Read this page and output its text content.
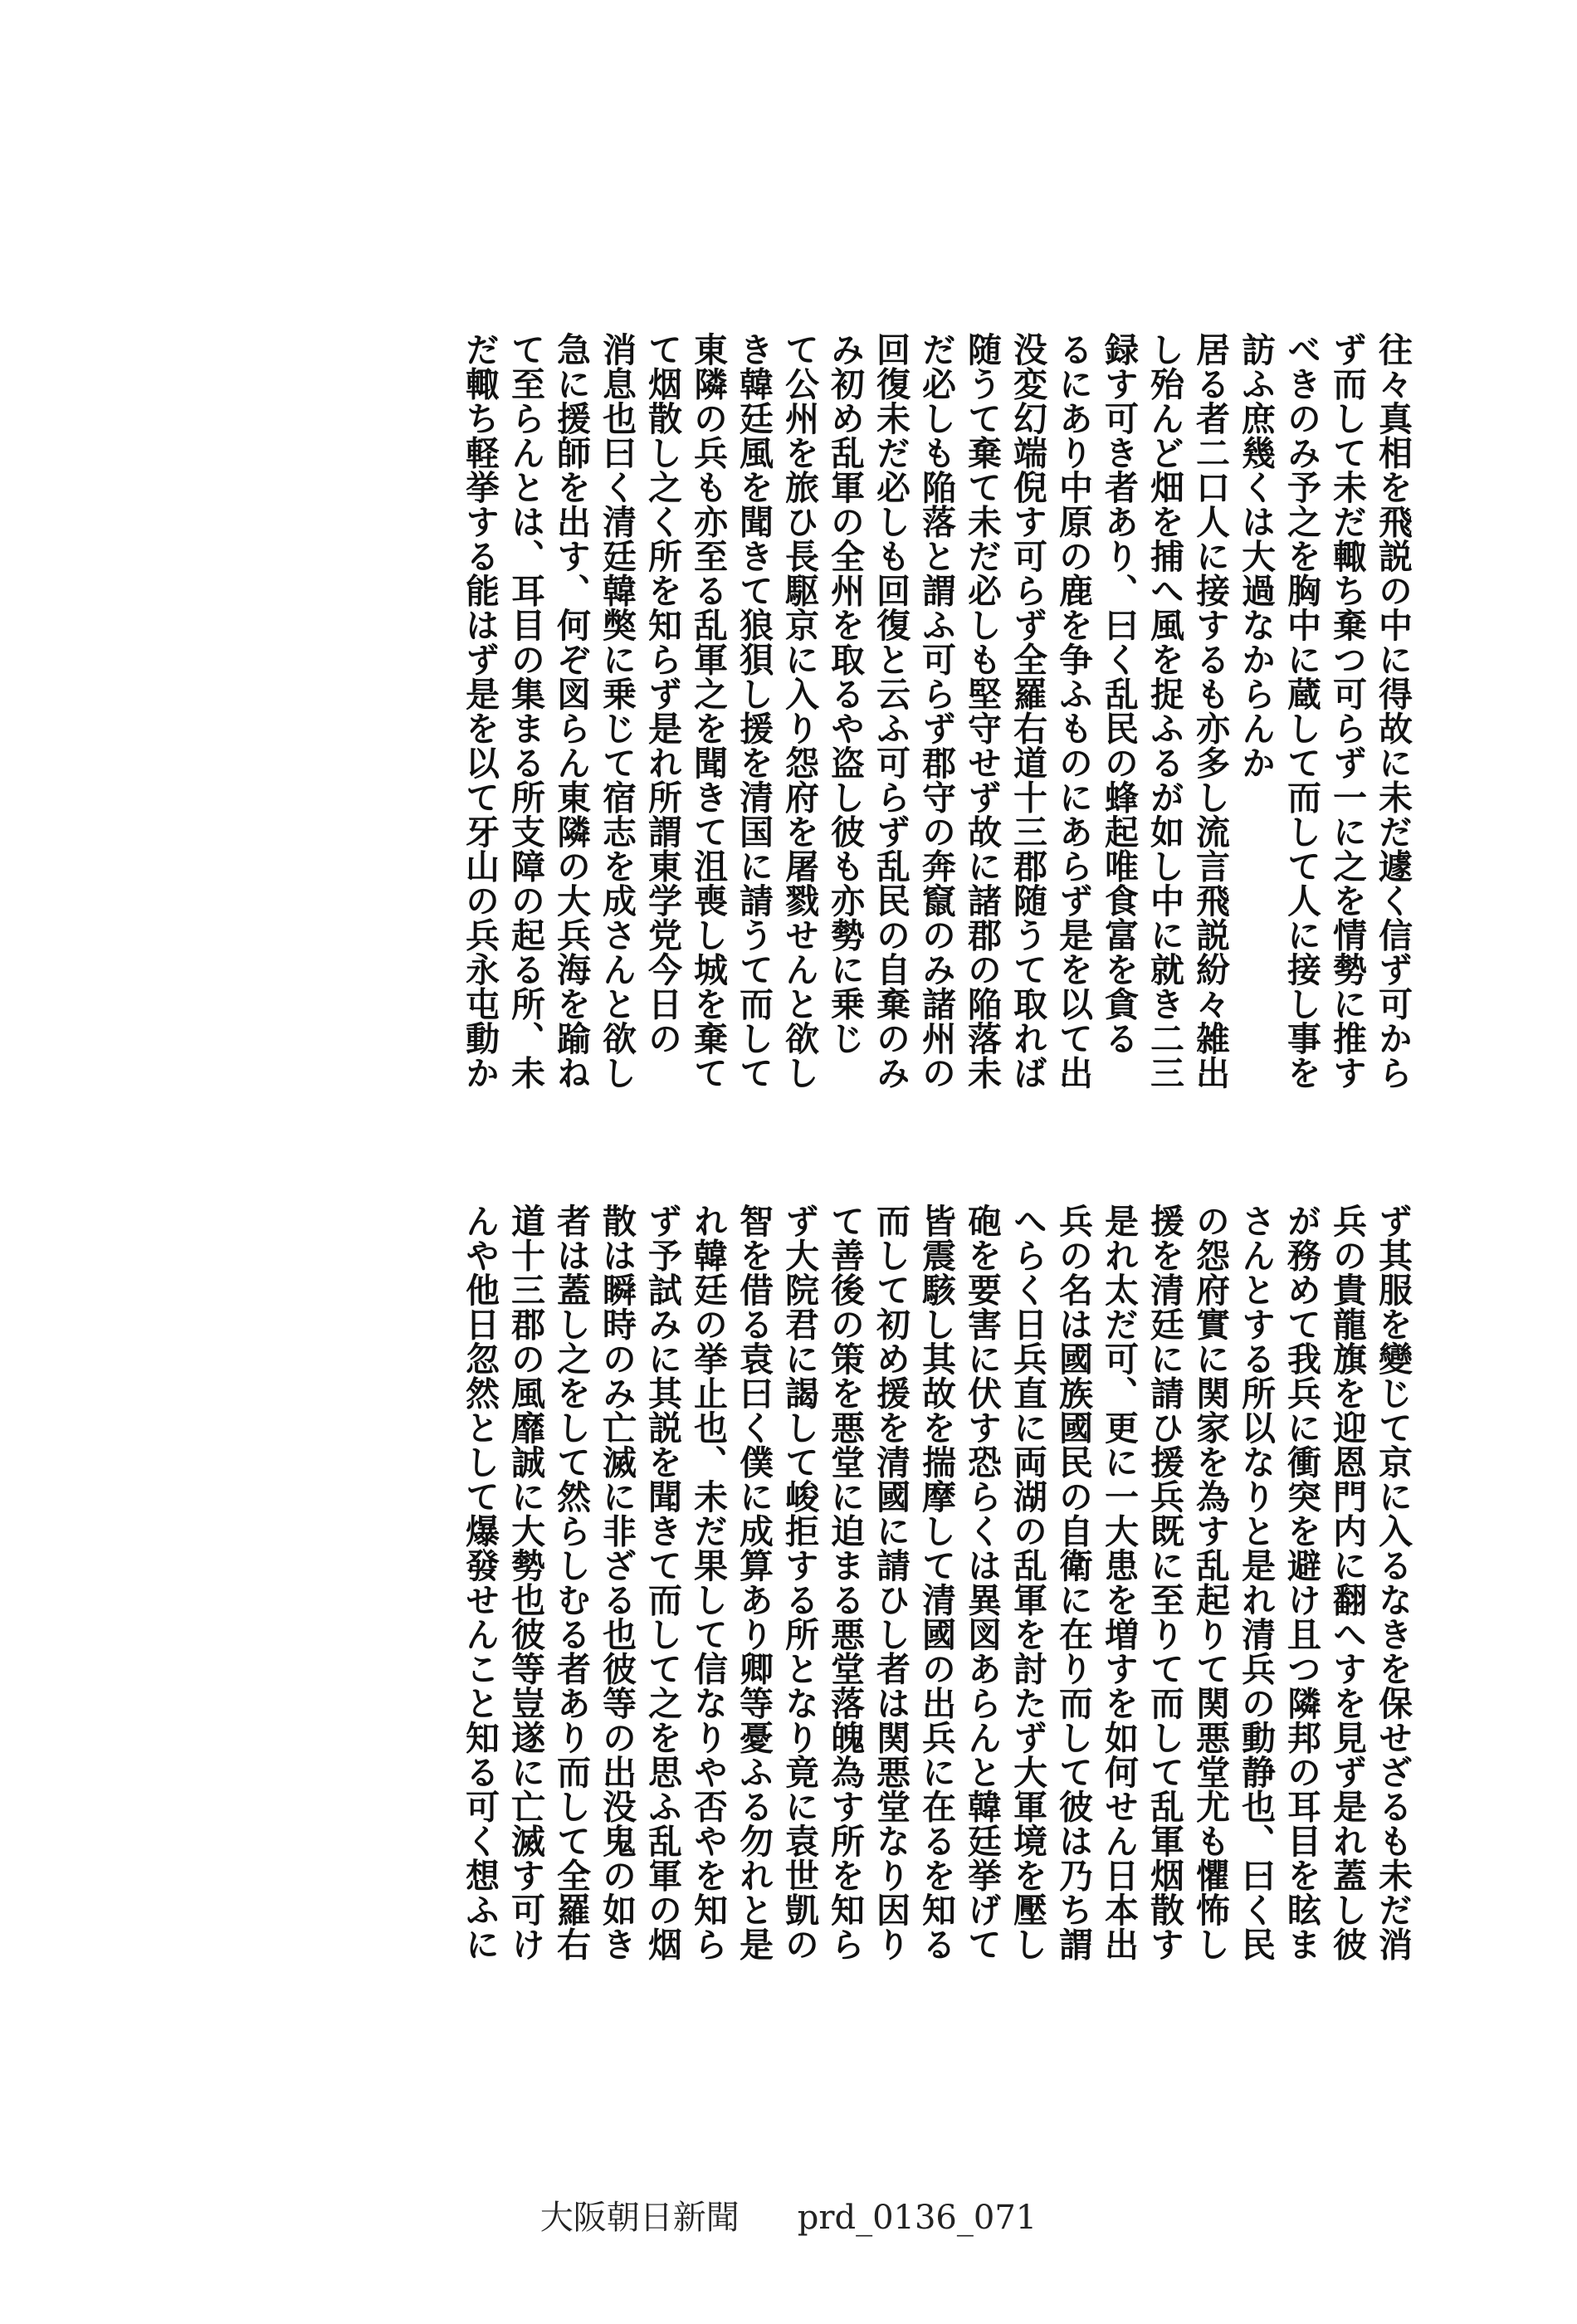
往々真相を飛説の中に得故に未だ遽く信ず可から
ず而して未だ輙ち棄つ可らず一に之を情勢に推す
べきのみ予之を胸中に蔵して而して人に接し事を
訪ふ庶幾くは大過なからんか
居る者二口人に接するも亦多し流言飛説紛々雑出
し殆んど畑を捕へ風を捉ふるが如し中に就き二三
録す可き者あり、曰く乱民の蜂起唯食富を貪る
るにあり中原の鹿を争ふものにあらず是を以て出
没変幻端倪す可らず全羅右道十三郡随うて取れば
随うて棄て未だ必しも堅守せず故に諸郡の陥落未
だ必しも陥落と謂ふ可らず郡守の奔竄のみ諸州の
回復未だ必しも回復と云ふ可らず乱民の自棄のみ
み初め乱軍の全州を取るや盗し彼も亦勢に乗じ
て公州を旅ひ長駆京に入り怨府を屠戮せんと欲し
き韓廷風を聞きて狼狽し援を清国に請うて而して
東隣の兵も亦至る乱軍之を聞きて沮喪し城を棄て
て烟散し之く所を知らず是れ所謂東学党今日の
消息也曰く清廷韓獘に乗じて宿志を成さんと欲し
急に援師を出す、何ぞ図らん東隣の大兵海を踰ね
て至らんとは、耳目の集まる所支障の起る所、未
だ輙ち軽挙する能はず是を以て牙山の兵永屯動か
ず其服を變じて京に入るなきを保せざるも未だ消
兵の貴龍旗を迎恩門内に翻へすを見ず是れ蓋し彼
が務めて我兵に衝突を避け且つ隣邦の耳目を眩ま
さんとする所以なりと是れ清兵の動静也、曰く民
の怨府實に関家を為す乱起りて関悪堂尤も懼怖し
援を清廷に請ひ援兵既に至りて而して乱軍烟散す
是れ太だ可、更に一大患を増すを如何せん日本出
兵の名は國族國民の自衛に在り而して彼は乃ち謂
へらく日兵直に両湖の乱軍を討たず大軍境を壓し
砲を要害に伏す恐らくは異図あらんと韓廷挙げて
皆震駭し其故を揣摩して清國の出兵に在るを知る
而して初め援を清國に請ひし者は関悪堂なり因り
て善後の策を悪堂に迫まる悪堂落魄為す所を知ら
ず大院君に謁して峻拒する所となり竟に袁世凱の
智を借る袁曰く僕に成算あり卿等憂ふる勿れと是
れ韓廷の挙止也、未だ果して信なりや否やを知ら
ず予試みに其説を聞きて而して之を思ふ乱軍の烟
散は瞬時のみ亡滅に非ざる也彼等の出没鬼の如き
者は蓋し之をして然らしむる者あり而して全羅右
道十三郡の風靡誠に大勢也彼等豈遂に亡滅す可け
んや他日忽然として爆發せんこと知る可く想ふに
大阪朝日新聞 prd_0136_071
